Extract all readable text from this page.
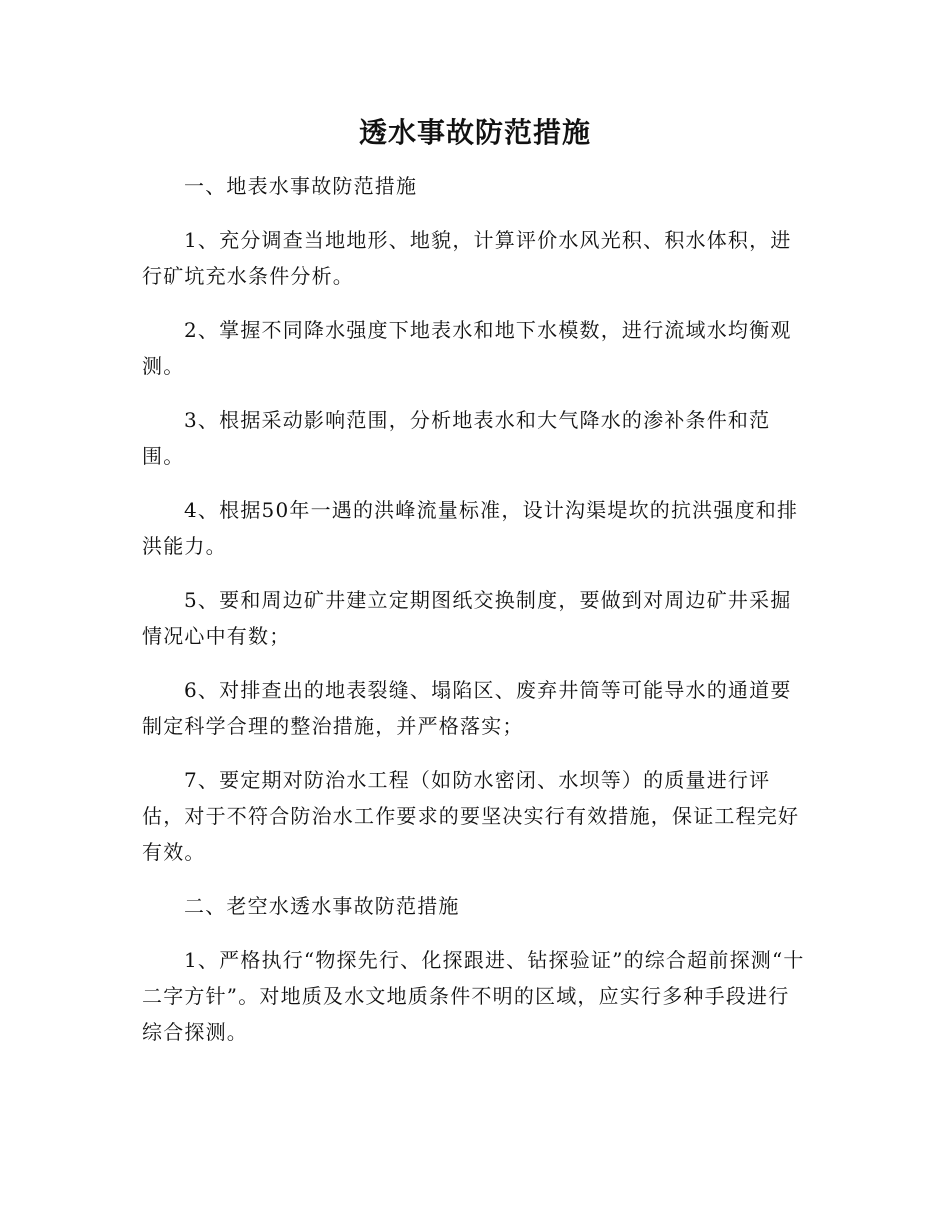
透水事故防范措施

一、地表水事故防范措施

1、充分调查当地地形、地貌，计算评价水风光积、积水体积，进行矿坑充水条件分析。

2、掌握不同降水强度下地表水和地下水模数，进行流域水均衡观测。

3、根据采动影响范围，分析地表水和大气降水的渗补条件和范围。

4、根据50年一遇的洪峰流量标准，设计沟渠堤坎的抗洪强度和排洪能力。

5、要和周边矿井建立定期图纸交换制度，要做到对周边矿井采掘情况心中有数；

6、对排查出的地表裂缝、塌陷区、废弃井筒等可能导水的通道要制定科学合理的整治措施，并严格落实；

7、要定期对防治水工程（如防水密闭、水坝等）的质量进行评估，对于不符合防治水工作要求的要坚决实行有效措施，保证工程完好有效。

二、老空水透水事故防范措施

1、严格执行“物探先行、化探跟进、钻探验证”的综合超前探测“十二字方针”。对地质及水文地质条件不明的区域，应实行多种手段进行综合探测。
